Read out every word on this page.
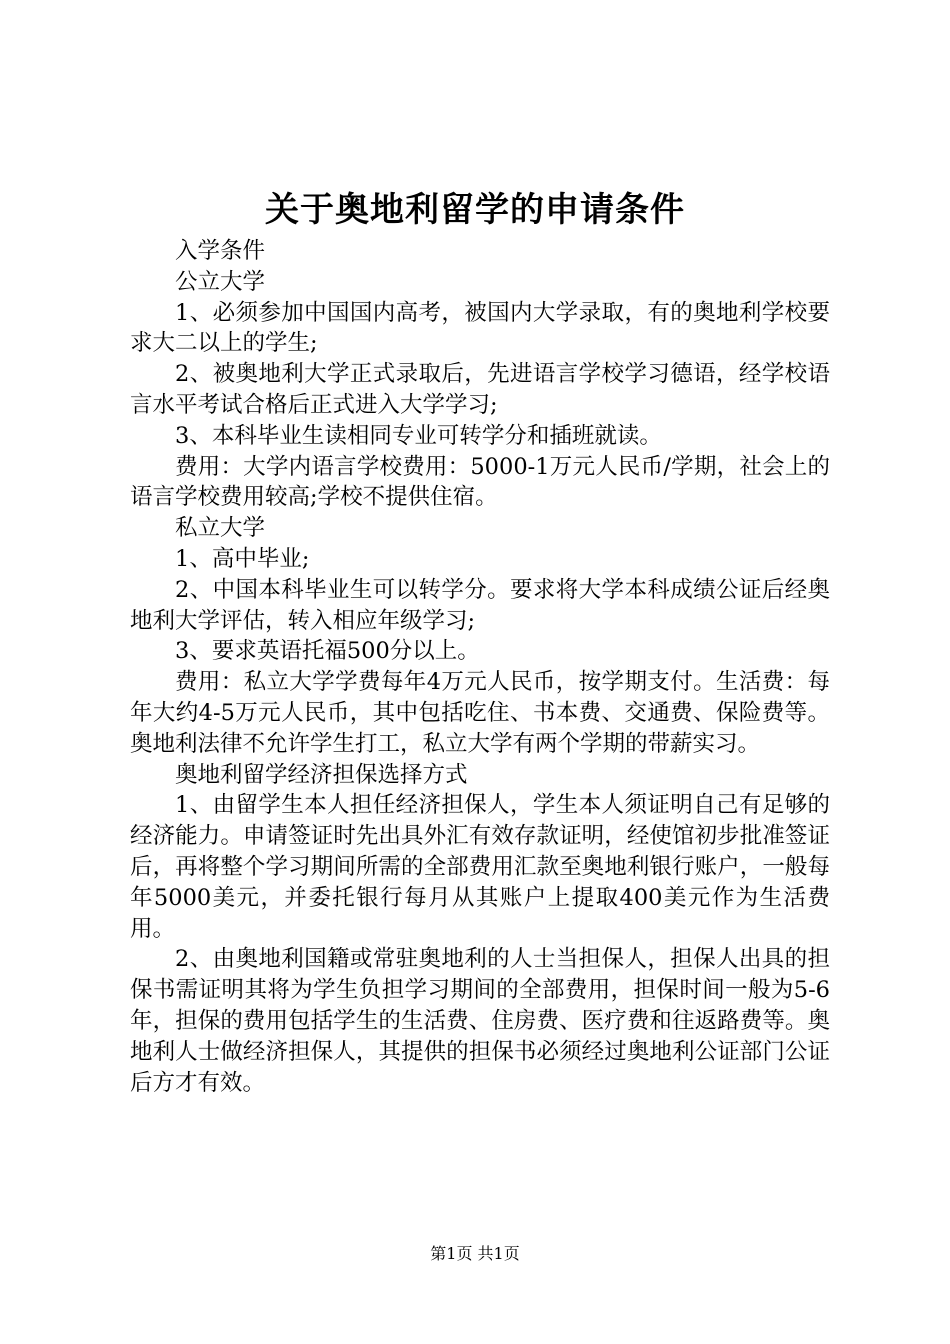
关于奥地利留学的申请条件

入学条件

公立大学

1、必须参加中国国内高考，被国内大学录取，有的奥地利学校要求大二以上的学生;

2、被奥地利大学正式录取后，先进语言学校学习德语，经学校语言水平考试合格后正式进入大学学习;

3、本科毕业生读相同专业可转学分和插班就读。

费用：大学内语言学校费用：5000-1万元人民币/学期，社会上的语言学校费用较高;学校不提供住宿。

私立大学

1、高中毕业;

2、中国本科毕业生可以转学分。要求将大学本科成绩公证后经奥地利大学评估，转入相应年级学习;

3、要求英语托福500分以上。

费用：私立大学学费每年4万元人民币，按学期支付。生活费：每年大约4-5万元人民币，其中包括吃住、书本费、交通费、保险费等。奥地利法律不允许学生打工，私立大学有两个学期的带薪实习。

奥地利留学经济担保选择方式

1、由留学生本人担任经济担保人，学生本人须证明自己有足够的经济能力。申请签证时先出具外汇有效存款证明，经使馆初步批准签证后，再将整个学习期间所需的全部费用汇款至奥地利银行账户，一般每年5000美元，并委托银行每月从其账户上提取400美元作为生活费用。

2、由奥地利国籍或常驻奥地利的人士当担保人，担保人出具的担保书需证明其将为学生负担学习期间的全部费用，担保时间一般为5-6年，担保的费用包括学生的生活费、住房费、医疗费和往返路费等。奥地利人士做经济担保人，其提供的担保书必须经过奥地利公证部门公证后方才有效。

第1页 共1页
